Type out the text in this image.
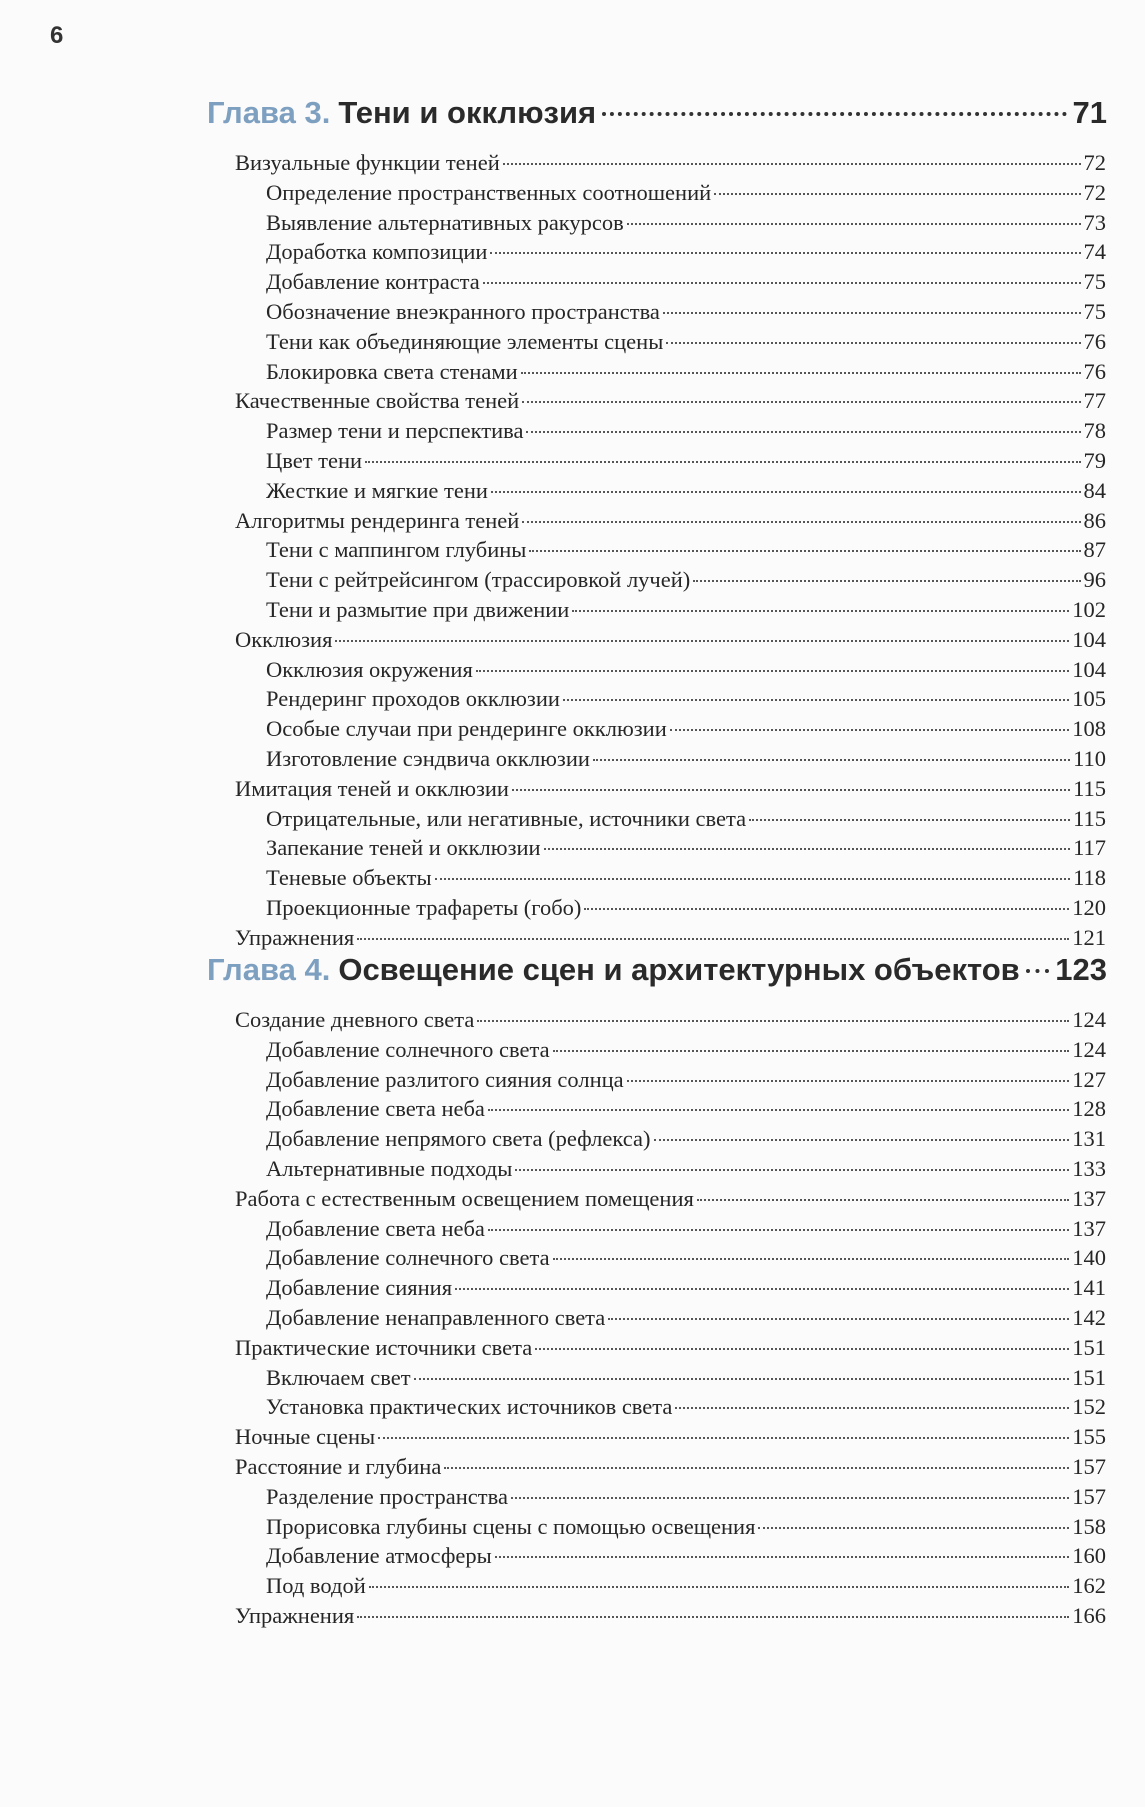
6
Глава 3. Тени и окклюзия	71
Визуальные функции теней	72
Определение пространственных соотношений	72
Выявление альтернативных ракурсов	73
Доработка композиции	74
Добавление контраста	75
Обозначение внеэкранного пространства	75
Тени как объединяющие элементы сцены	76
Блокировка света стенами	76
Качественные свойства теней	77
Размер тени и перспектива	78
Цвет тени	79
Жесткие и мягкие тени	84
Алгоритмы рендеринга теней	86
Тени с маппингом глубины	87
Тени с рейтрейсингом (трассировкой лучей)	96
Тени и размытие при движении	102
Окклюзия	104
Окклюзия окружения	104
Рендеринг проходов окклюзии	105
Особые случаи при рендеринге окклюзии	108
Изготовление сэндвича окклюзии	110
Имитация теней и окклюзии	115
Отрицательные, или негативные, источники света	115
Запекание теней и окклюзии	117
Теневые объекты	118
Проекционные трафареты (гобо)	120
Упражнения	121
Глава 4. Освещение сцен и архитектурных объектов 123
Создание дневного света	124
Добавление солнечного света	124
Добавление разлитого сияния солнца	127
Добавление света неба	128
Добавление непрямого света (рефлекса)	131
Альтернативные подходы	133
Работа с естественным освещением помещения	137
Добавление света неба	137
Добавление солнечного света	140
Добавление сияния	141
Добавление ненаправленного света	142
Практические источники света	151
Включаем свет	151
Установка практических источников света	152
Ночные сцены	155
Расстояние и глубина	157
Разделение пространства	157
Прорисовка глубины сцены с помощью освещения	158
Добавление атмосферы	160
Под водой	162
Упражнения	166
